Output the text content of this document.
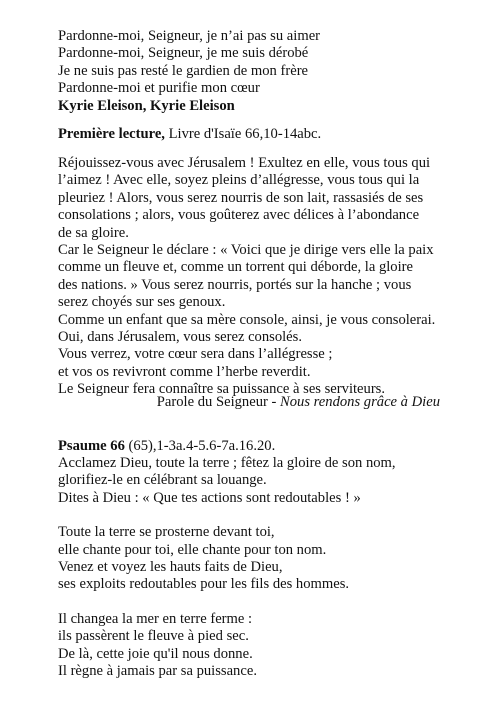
Pardonne-moi, Seigneur, je n’ai pas su aimer
Pardonne-moi, Seigneur, je me suis dérobé
Je ne suis pas resté le gardien de mon frère
Pardonne-moi et purifie mon cœur
Kyrie Eleison, Kyrie Eleison
Première lecture, Livre d'Isaïe 66,10-14abc.
Réjouissez-vous avec Jérusalem ! Exultez en elle, vous tous qui
l’aimez ! Avec elle, soyez pleins d’allégresse, vous tous qui la
pleuriez ! Alors, vous serez nourris de son lait, rassasiés de ses
consolations ; alors, vous goûterez avec délices à l’abondance
de sa gloire.
Car le Seigneur le déclare : « Voici que je dirige vers elle la paix
comme un fleuve et, comme un torrent qui déborde, la gloire
des nations. » Vous serez nourris, portés sur la hanche ; vous
serez choyés sur ses genoux.
Comme un enfant que sa mère console, ainsi, je vous consolerai.
Oui, dans Jérusalem, vous serez consolés.
Vous verrez, votre cœur sera dans l’allégresse ;
et vos os revivront comme l’herbe reverdit.
Le Seigneur fera connaître sa puissance à ses serviteurs.
Parole du Seigneur - Nous rendons grâce à Dieu
Psaume 66 (65),1-3a.4-5.6-7a.16.20.
Acclamez Dieu, toute la terre ; fêtez la gloire de son nom,
glorifiez-le en célébrant sa louange.
Dites à Dieu : « Que tes actions sont redoutables ! »
Toute la terre se prosterne devant toi,
elle chante pour toi, elle chante pour ton nom.
Venez et voyez les hauts faits de Dieu,
ses exploits redoutables pour les fils des hommes.
Il changea la mer en terre ferme :
ils passèrent le fleuve à pied sec.
De là, cette joie qu'il nous donne.
Il règne à jamais par sa puissance.
